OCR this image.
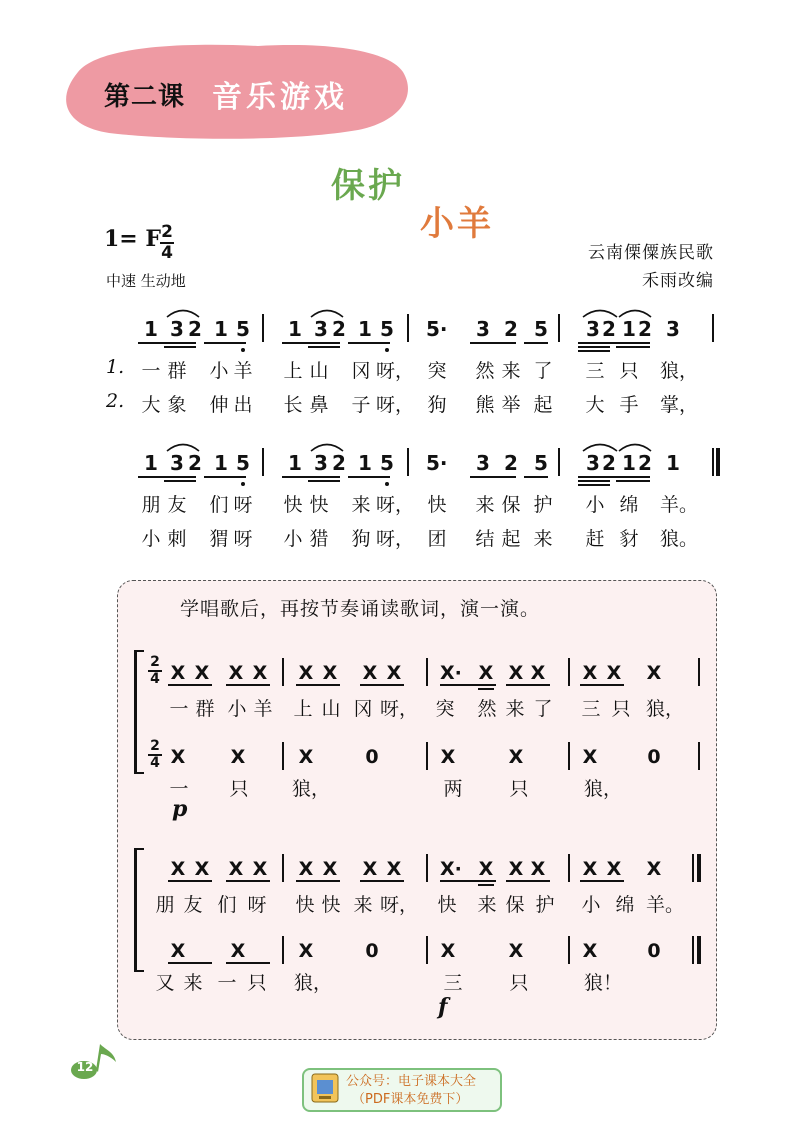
第二课 音乐游戏
保护
小羊
1= F 2
4
中速 生动地
云南傈僳族民歌
禾雨改编
1 3 2 1 5 1 3 2 1 5 5· 3 2 5 3 2 1 2 3
一 群 小 羊 上 山 冈 呀， 突 然 来 了 三 只 狼，
大 象 伸 出 长 鼻 子 呀， 狗 熊 举 起 大 手 掌，
1 3 2 1 5 1 3 2 1 5 5· 3 2 5 3 2 1 2 1
朋 友 们 呀 快 快 来 呀， 快 来 保 护 小 绵 羊。
小 刺 猬 呀 小 猎 狗 呀， 团 结 起 来 赶 豺 狼。
1.
2.
学唱歌后，再按节奏诵读歌词，演一演。
2
4 X X X X X X X X X· X X X X X X
一 群 小 羊 上 山 冈 呀， 突 然 来 了 三 只 狼，
2
4 X X	X	0	X	X	X	0
一 只 狼，	两 只	狼，
p
X X X X X X X X X· X X X X X X
朋 友 们 呀 快 快 来 呀， 快 来 保 护 小 绵 羊。
X X	X	0	X	X	X	0
又 来 一 只 狼，	三 只	狼！
f
12
公众号：电子课本大全
（PDF课本免费下）
